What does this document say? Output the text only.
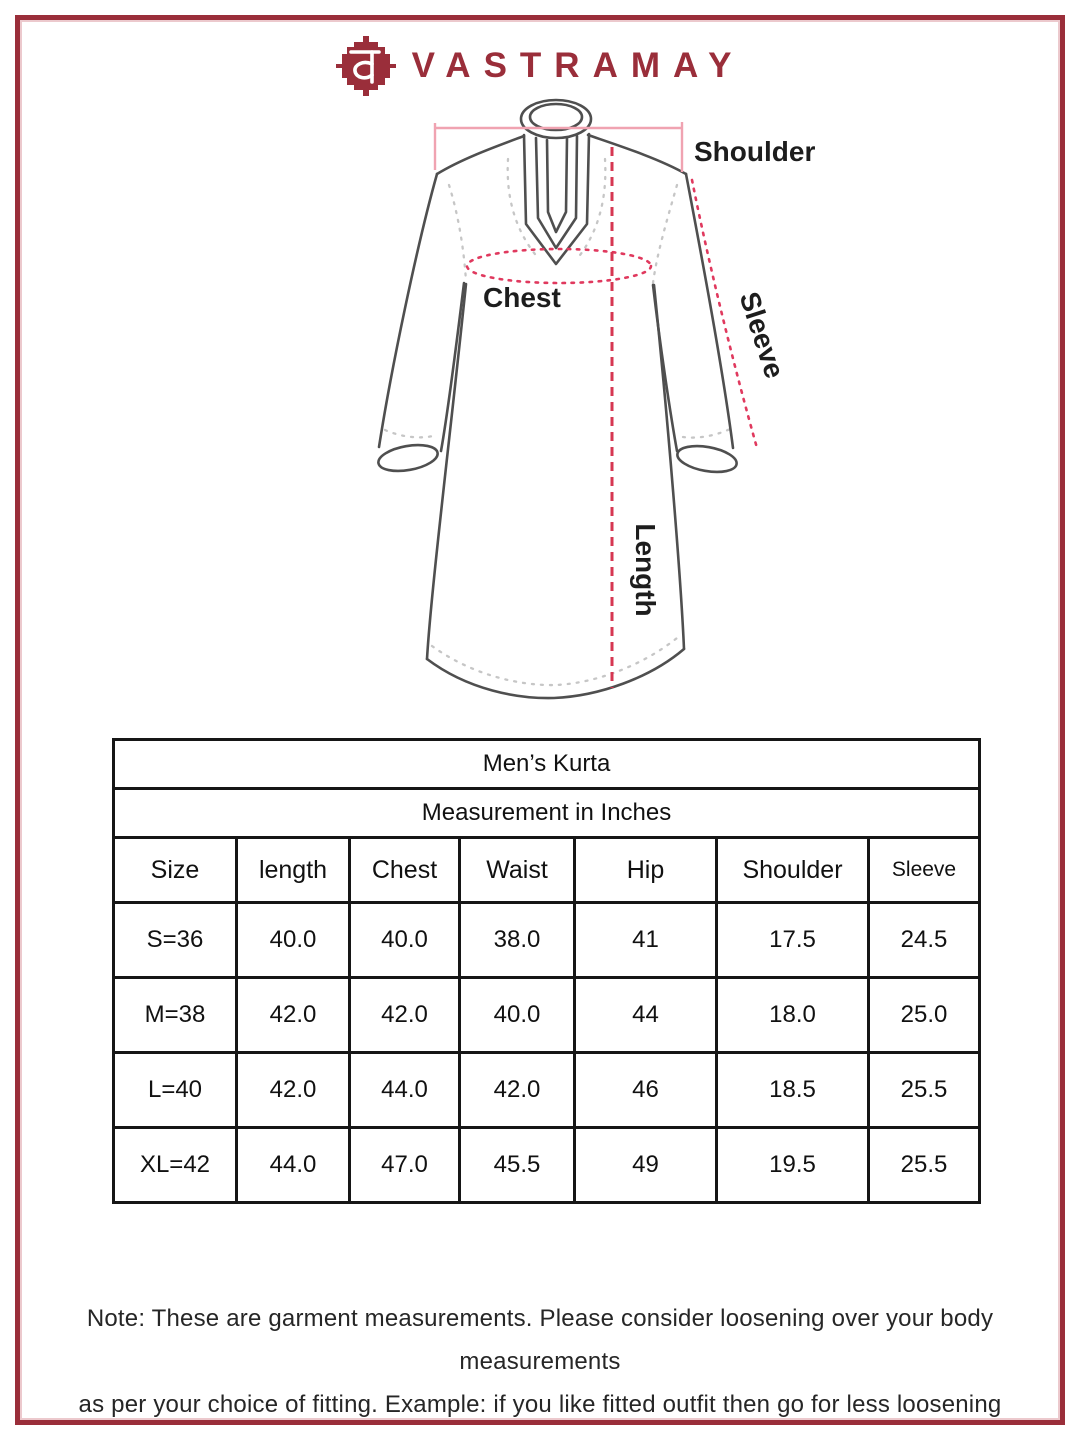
VASTRAMAY
Shoulder
Chest	Sleeve
Length
Men’s Kurta						
Measurement in Inches						
Size	length	Chest	Waist	Hip	Shoulder	Sleeve
S=36	40.0	40.0	38.0	41	17.5	24.5
M=38	42.0	42.0	40.0	44	18.0	25.0
L=40	42.0	44.0	42.0	46	18.5	25.5
XL=42	44.0	47.0	45.5	49	19.5	25.5
Note: These are garment measurements. Please consider loosening over your body measurements
as per your choice of fitting. Example: if you like fitted outfit then go for less loosening
